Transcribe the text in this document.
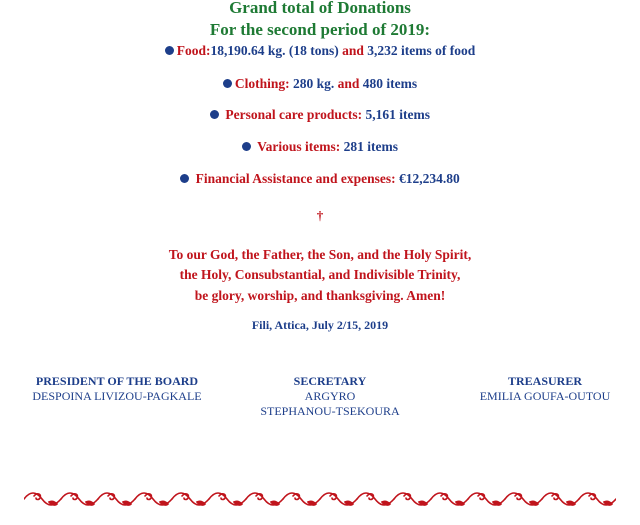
Grand total of Donations
For the second period of 2019:
Food:18,190.64 kg. (18 tons) and 3,232 items of food
Clothing: 280 kg. and 480 items
Personal care products: 5,161 items
Various items: 281 items
Financial Assistance and expenses: €12,234.80
†
To our God, the Father, the Son, and the Holy Spirit,
the Holy, Consubstantial, and Indivisible Trinity,
be glory, worship, and thanksgiving. Amen!
Fili, Attica, July 2/15, 2019
PRESIDENT OF THE BOARD
DESPOINA LIVIZOU-PAGKALE
SECRETARY
ARGYRO
STEPHANOU-TSEKOURA
TREASURER
EMILIA GOUFA-OUTOU
